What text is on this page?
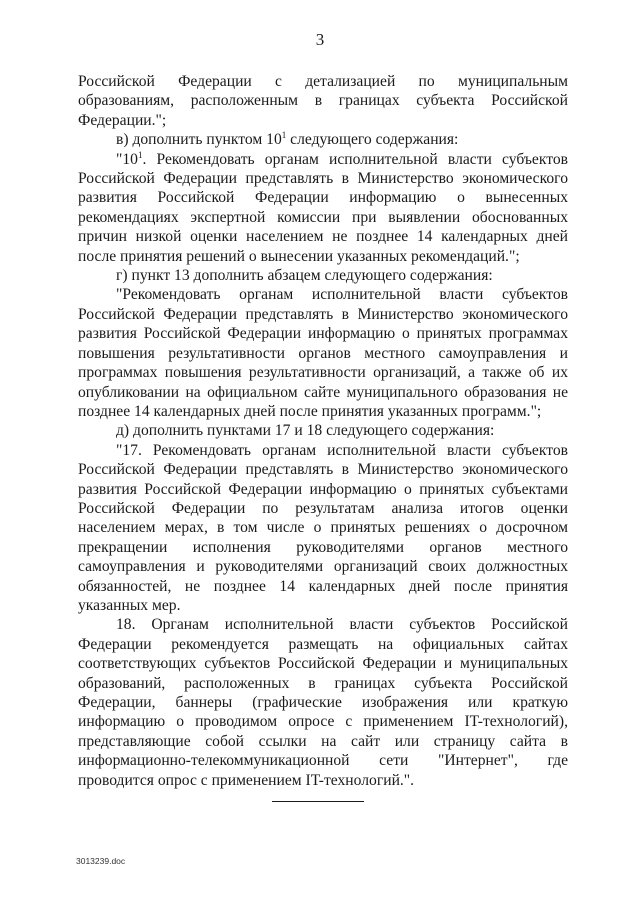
3

Российской Федерации с детализацией по муниципальным образованиям, расположенным в границах субъекта Российской Федерации.";

в) дополнить пунктом $10^1$ следующего содержания:

"$10^1$. Рекомендовать органам исполнительной власти субъектов Российской Федерации представлять в Министерство экономического развития Российской Федерации информацию о вынесенных рекомендациях экспертной комиссии при выявлении обоснованных причин низкой оценки населением не позднее 14 календарных дней после принятия решений о вынесении указанных рекомендаций.";

г) пункт 13 дополнить абзацем следующего содержания:

"Рекомендовать органам исполнительной власти субъектов Российской Федерации представлять в Министерство экономического развития Российской Федерации информацию о принятых программах повышения результативности органов местного самоуправления и программах повышения результативности организаций, а также об их опубликовании на официальном сайте муниципального образования не позднее 14 календарных дней после принятия указанных программ.";

д) дополнить пунктами 17 и 18 следующего содержания:

"17. Рекомендовать органам исполнительной власти субъектов Российской Федерации представлять в Министерство экономического развития Российской Федерации информацию о принятых субъектами Российской Федерации по результатам анализа итогов оценки населением мерах, в том числе о принятых решениях о досрочном прекращении исполнения руководителями органов местного самоуправления и руководителями организаций своих должностных обязанностей, не позднее 14 календарных дней после принятия указанных мер.

18. Органам исполнительной власти субъектов Российской Федерации рекомендуется размещать на официальных сайтах соответствующих субъектов Российской Федерации и муниципальных образований, расположенных в границах субъекта Российской Федерации, баннеры (графические изображения или краткую информацию о проводимом опросе с применением IT-технологий), представляющие собой ссылки на сайт или страницу сайта в информационно-телекоммуникационной сети "Интернет", где проводится опрос с применением IT-технологий.".

3013239.doc
